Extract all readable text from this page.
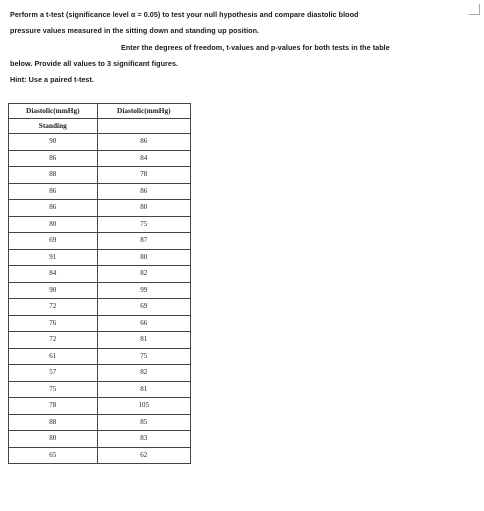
Perform a t-test (significance level α = 0.05) to test your null hypothesis and compare diastolic blood
pressure values measured in the sitting down and standing up position.
Enter the degrees of freedom, t-values and p-values for both tests in the table
below. Provide all values to 3 significant figures.
Hint: Use a paired t-test.
Diastolic(mmHg)	Diastolic(mmHg)
Standing	
90	86
86	84
88	78
86	86
86	80
80	75
69	87
91	80
84	82
90	99
72	69
76	66
72	81
61	75
57	82
75	81
78	105
88	85
80	83
65	62
